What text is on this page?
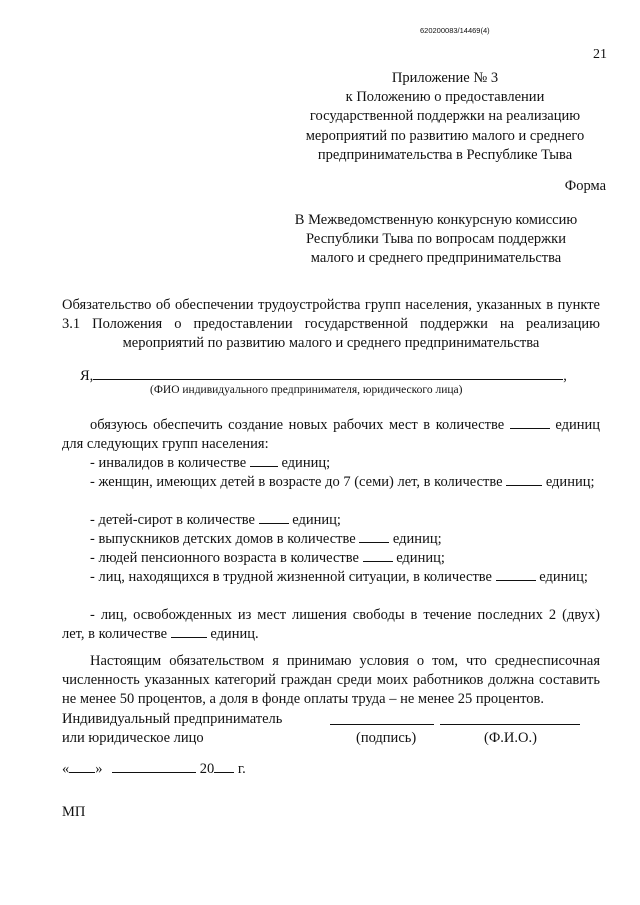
620200083/14469(4)
21
Приложение № 3
к Положению о предоставлении
государственной поддержки на реализацию
мероприятий по развитию малого и среднего
предпринимательства в Республике Тыва
Форма
В Межведомственную конкурсную комиссию
Республики Тыва по вопросам поддержки
малого и среднего предпринимательства
Обязательство об обеспечении трудоустройства групп населения, указанных в пункте 3.1 Положения о предоставлении государственной поддержки на реализацию мероприятий по развитию малого и среднего предпринимательства
Я,	,
(ФИО индивидуального предпринимателя, юридического лица)
обязуюсь обеспечить создание новых рабочих мест в количестве	единиц для следующих групп населения:
- инвалидов в количестве единиц;
- женщин, имеющих детей в возрасте до 7 (семи) лет, в количестве	единиц;
- детей-сирот в количестве	единиц;
- выпускников детских домов в количестве	единиц;
- людей пенсионного возраста в количестве	единиц;
- лиц, находящихся в трудной жизненной ситуации, в количестве	единиц;
- лиц, освобожденных из мест лишения свободы в течение последних 2 (двух) лет, в количестве	единиц.
Настоящим обязательством я принимаю условия о том, что среднесписочная численность указанных категорий граждан среди моих работников должна составить не менее 50 процентов, а доля в фонде оплаты труда – не менее 25 процентов.
Индивидуальный предприниматель
или юридическое лицо	(подпись)	(Ф.И.О.)
« »	20 г.
МП
